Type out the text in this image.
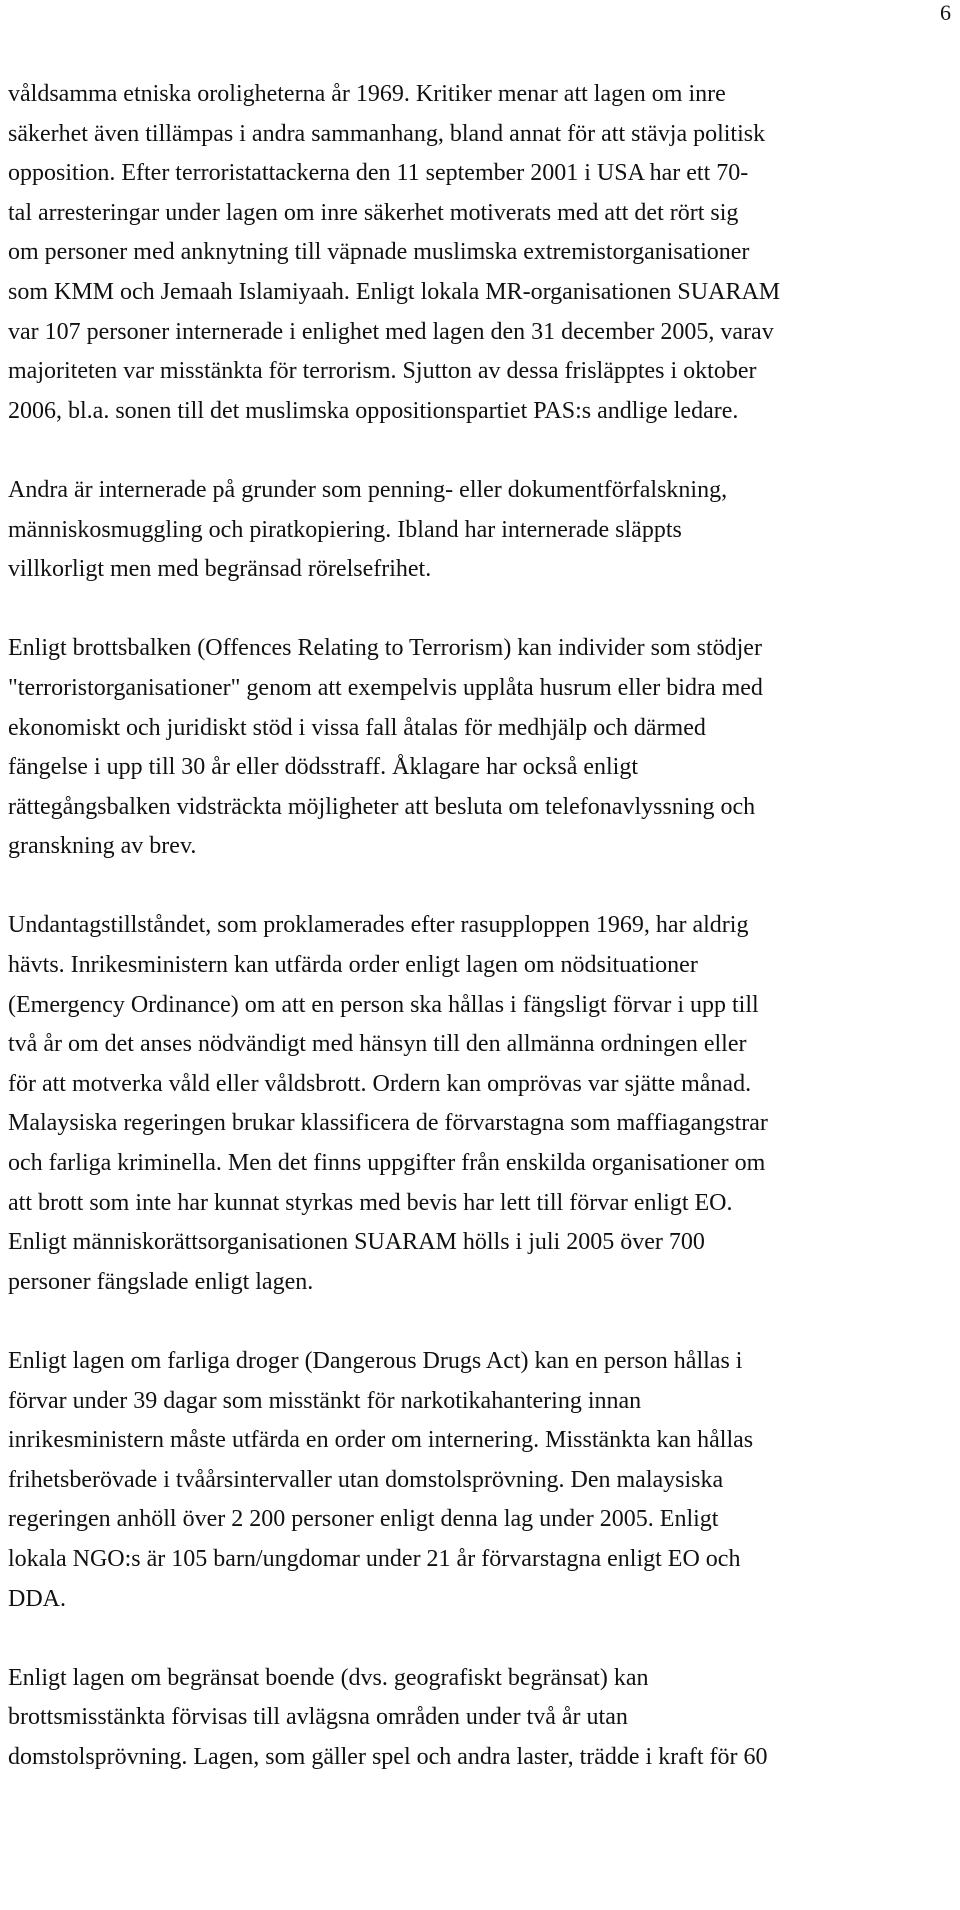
6
våldsamma etniska oroligheterna år 1969. Kritiker menar att lagen om inre
säkerhet även tillämpas i andra sammanhang, bland annat för att stävja politisk
opposition. Efter terroristattackerna den 11 september 2001 i USA har ett 70-
tal arresteringar under lagen om inre säkerhet motiverats med att det rört sig
om personer med anknytning till väpnade muslimska extremistorganisationer
som KMM och Jemaah Islamiyaah. Enligt lokala MR-organisationen SUARAM
var 107 personer internerade i enlighet med lagen den 31 december 2005, varav
majoriteten var misstänkta för terrorism. Sjutton av dessa frisläpptes i oktober
2006, bl.a. sonen till det muslimska oppositionspartiet PAS:s andlige ledare.
Andra är internerade på grunder som penning- eller dokumentförfalskning,
människosmuggling och piratkopiering. Ibland har internerade släppts
villkorligt men med begränsad rörelsefrihet.
Enligt brottsbalken (Offences Relating to Terrorism) kan individer som stödjer
"terroristorganisationer" genom att exempelvis upplåta husrum eller bidra med
ekonomiskt och juridiskt stöd i vissa fall åtalas för medhjälp och därmed
fängelse i upp till 30 år eller dödsstraff. Åklagare har också enligt
rättegångsbalken vidsträckta möjligheter att besluta om telefonavlyssning och
granskning av brev.
Undantagstillståndet, som proklamerades efter rasupploppen 1969, har aldrig
hävts. Inrikesministern kan utfärda order enligt lagen om nödsituationer
(Emergency Ordinance) om att en person ska hållas i fängsligt förvar i upp till
två år om det anses nödvändigt med hänsyn till den allmänna ordningen eller
för att motverka våld eller våldsbrott. Ordern kan omprövas var sjätte månad.
Malaysiska regeringen brukar klassificera de förvarstagna som maffiagangstrar
och farliga kriminella. Men det finns uppgifter från enskilda organisationer om
att brott som inte har kunnat styrkas med bevis har lett till förvar enligt EO.
Enligt människorättsorganisationen SUARAM hölls i juli 2005 över 700
personer fängslade enligt lagen.
Enligt lagen om farliga droger (Dangerous Drugs Act) kan en person hållas i
förvar under 39 dagar som misstänkt för narkotikahantering innan
inrikesministern måste utfärda en order om internering. Misstänkta kan hållas
frihetsberövade i tvåårsintervaller utan domstolsprövning. Den malaysiska
regeringen anhöll över 2 200 personer enligt denna lag under 2005. Enligt
lokala NGO:s är 105 barn/ungdomar under 21 år förvarstagna enligt EO och
DDA.
Enligt lagen om begränsat boende (dvs. geografiskt begränsat) kan
brottsmisstänkta förvisas till avlägsna områden under två år utan
domstolsprövning. Lagen, som gäller spel och andra laster, trädde i kraft för 60
